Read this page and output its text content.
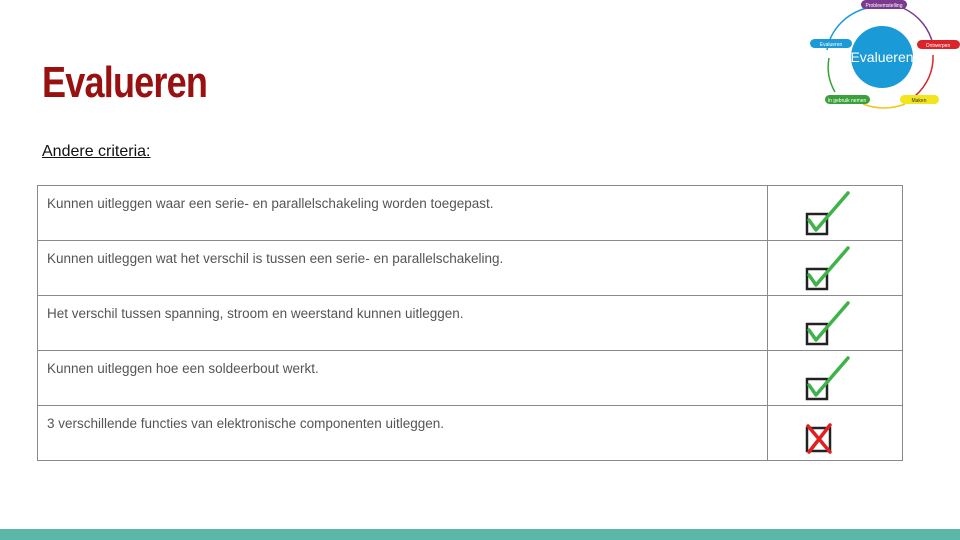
Evalueren
Andere criteria:
Evalueren
Probleemstelling
Ontwerpen
Maken
In gebruik nemen
Evalueren
Kunnen uitleggen waar een serie- en parallelschakeling worden toegepast.	

Kunnen uitleggen wat het verschil is tussen een serie- en parallelschakeling.	

Het verschil tussen spanning, stroom en weerstand kunnen uitleggen.	

Kunnen uitleggen hoe een soldeerbout werkt.	

3 verschillende functies van elektronische componenten uitleggen.	
